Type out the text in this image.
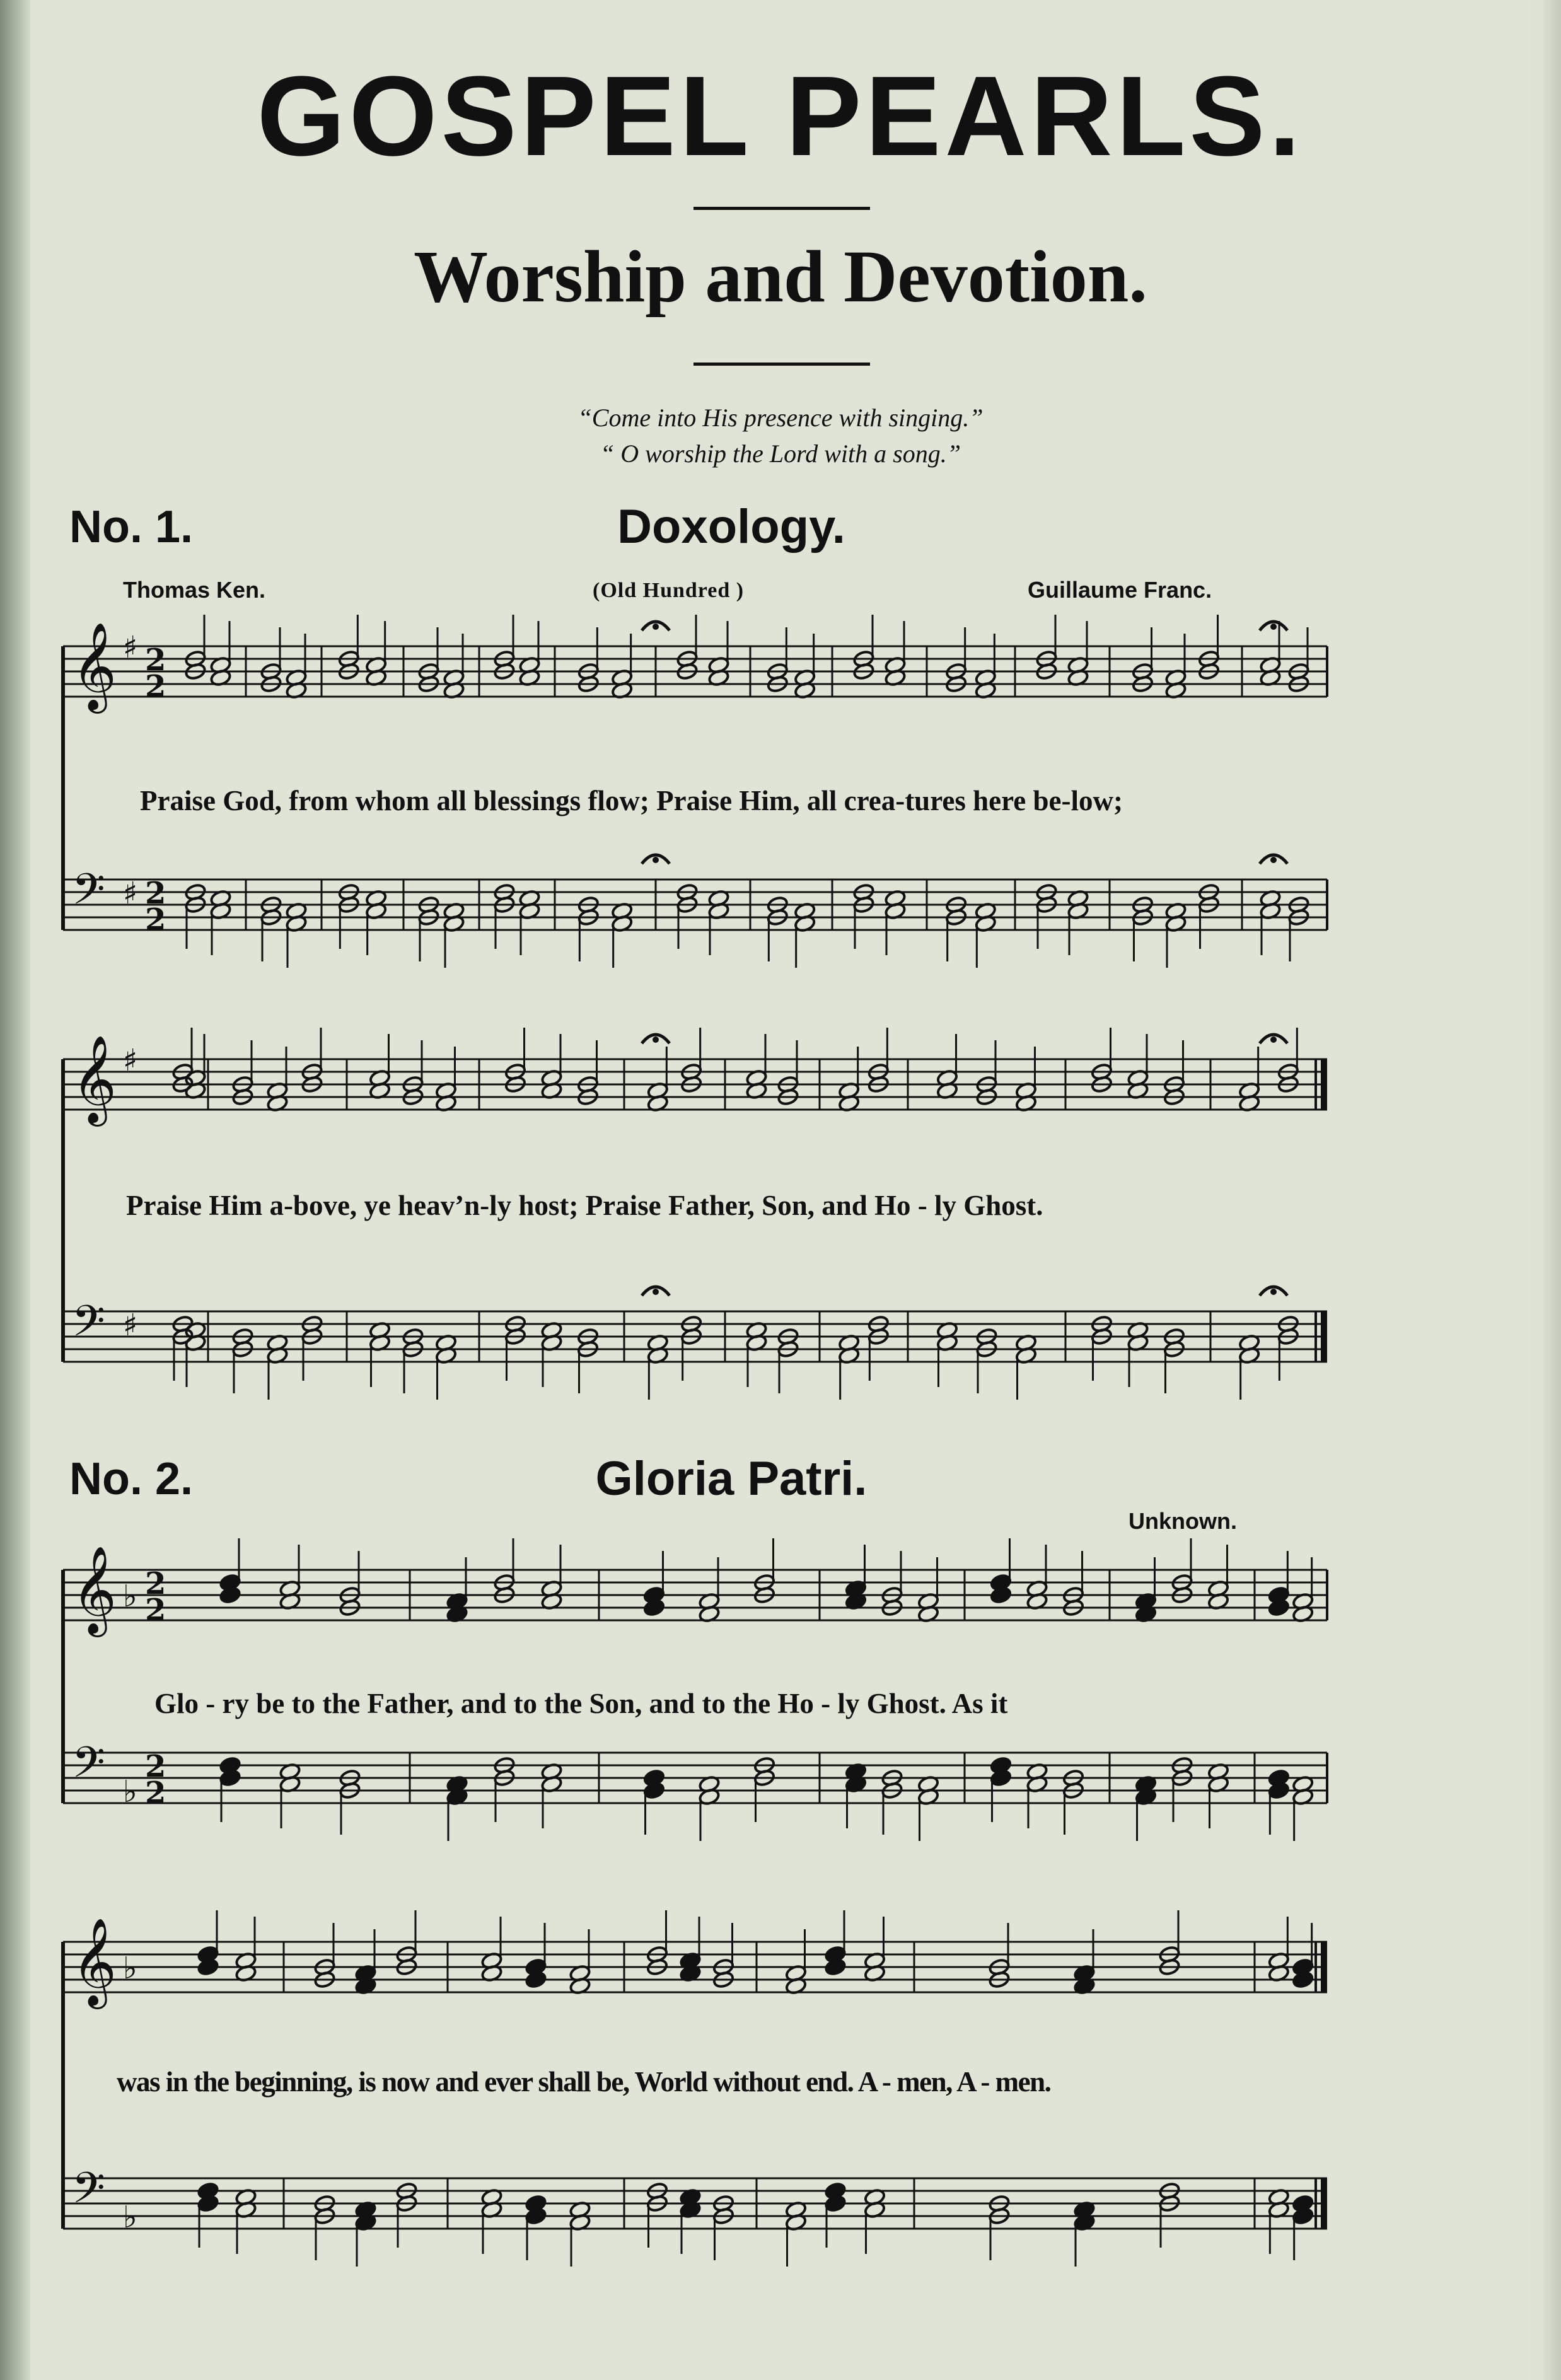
GOSPEL PEARLS.
Worship and Devotion.
“Come into His presence with singing.”
“ O worship the Lord with a song.”
No. 1.	Doxology.
Thomas Ken.	(Old Hundred )	Guillaume Franc.
Praise God, from whom all blessings flow; Praise Him, all crea-tures here be-low;
Praise Him a-bove, ye heav’n-ly host; Praise Father, Son, and Ho - ly Ghost.
No. 2.	Gloria Patri.
Unknown.
Glo - ry be to the Father, and to the Son, and to the Ho - ly Ghost. As it
was in the beginning, is now and ever shall be, World without end. A - men, A - men.
𝄞 ♯ 2
2
𝄢 ♯ 2
2
𝄞 ♯
𝄢 ♯
𝄞 ♭ 2
2
𝄢 ♭
2
2
𝄞 ♭
𝄢 ♭
